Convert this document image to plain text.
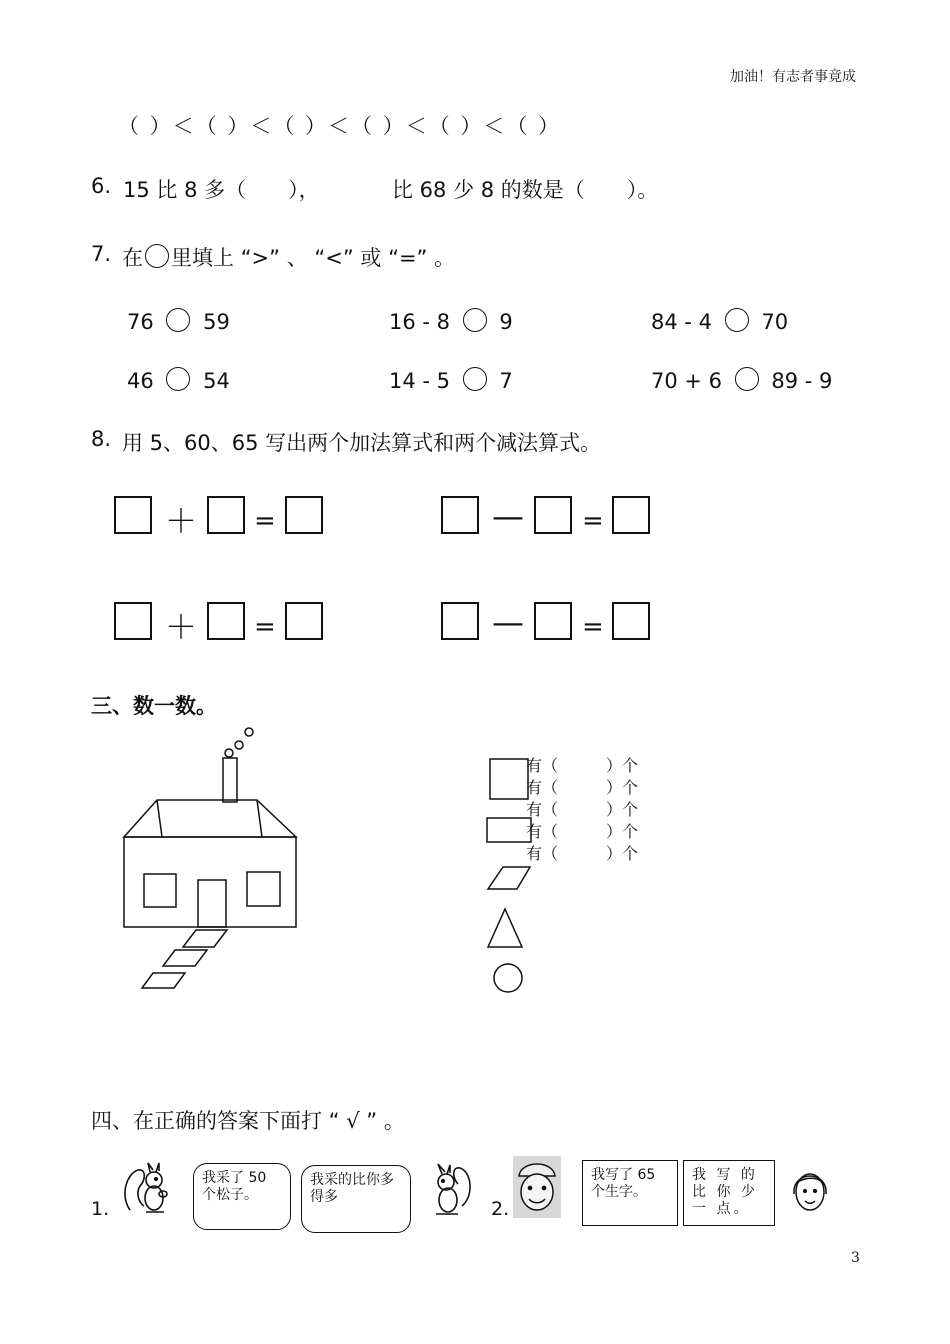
加油！有志者事竟成
（ ）＜（ ）＜（ ）＜（ ）＜（ ）＜（ ）
6. 15 比 8 多（　　），	比 68 少 8 的数是（　　）。
7. 在 里填上 “>” 、 “<” 或 “=” 。
76 59	16 - 8 9	84 - 4 70
46 54	14 - 5 7	70 + 6 89 - 9
8. 用 5、60、65 写出两个加法算式和两个减法算式。
＋ =	— =
＋ =	— =
三、数一数。
有（	）个
有（	）个
有（	）个
有（	）个
有（	）个
四、在正确的答案下面打 “ √ ” 。
1.
我采了 50 个松子。
我采的比你多得多
2.
我写了 65 个生字。
我 写 的 比 你 少 一 点。
3
